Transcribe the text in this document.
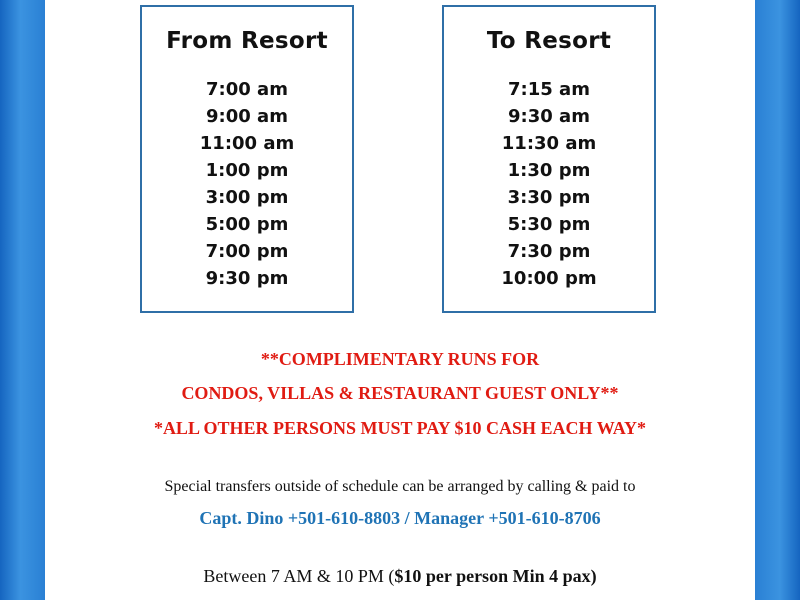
From Resort
7:00 am
9:00 am
11:00 am
1:00 pm
3:00 pm
5:00 pm
7:00 pm
9:30 pm
To Resort
7:15 am
9:30 am
11:30 am
1:30 pm
3:30 pm
5:30 pm
7:30 pm
10:00 pm
**COMPLIMENTARY RUNS FOR
CONDOS, VILLAS & RESTAURANT GUEST ONLY**
*ALL OTHER PERSONS MUST PAY $10 CASH EACH WAY*
Special transfers outside of schedule can be arranged by calling & paid to
Capt. Dino +501-610-8803 / Manager +501-610-8706
Between 7 AM & 10 PM ($10 per person Min 4 pax)
